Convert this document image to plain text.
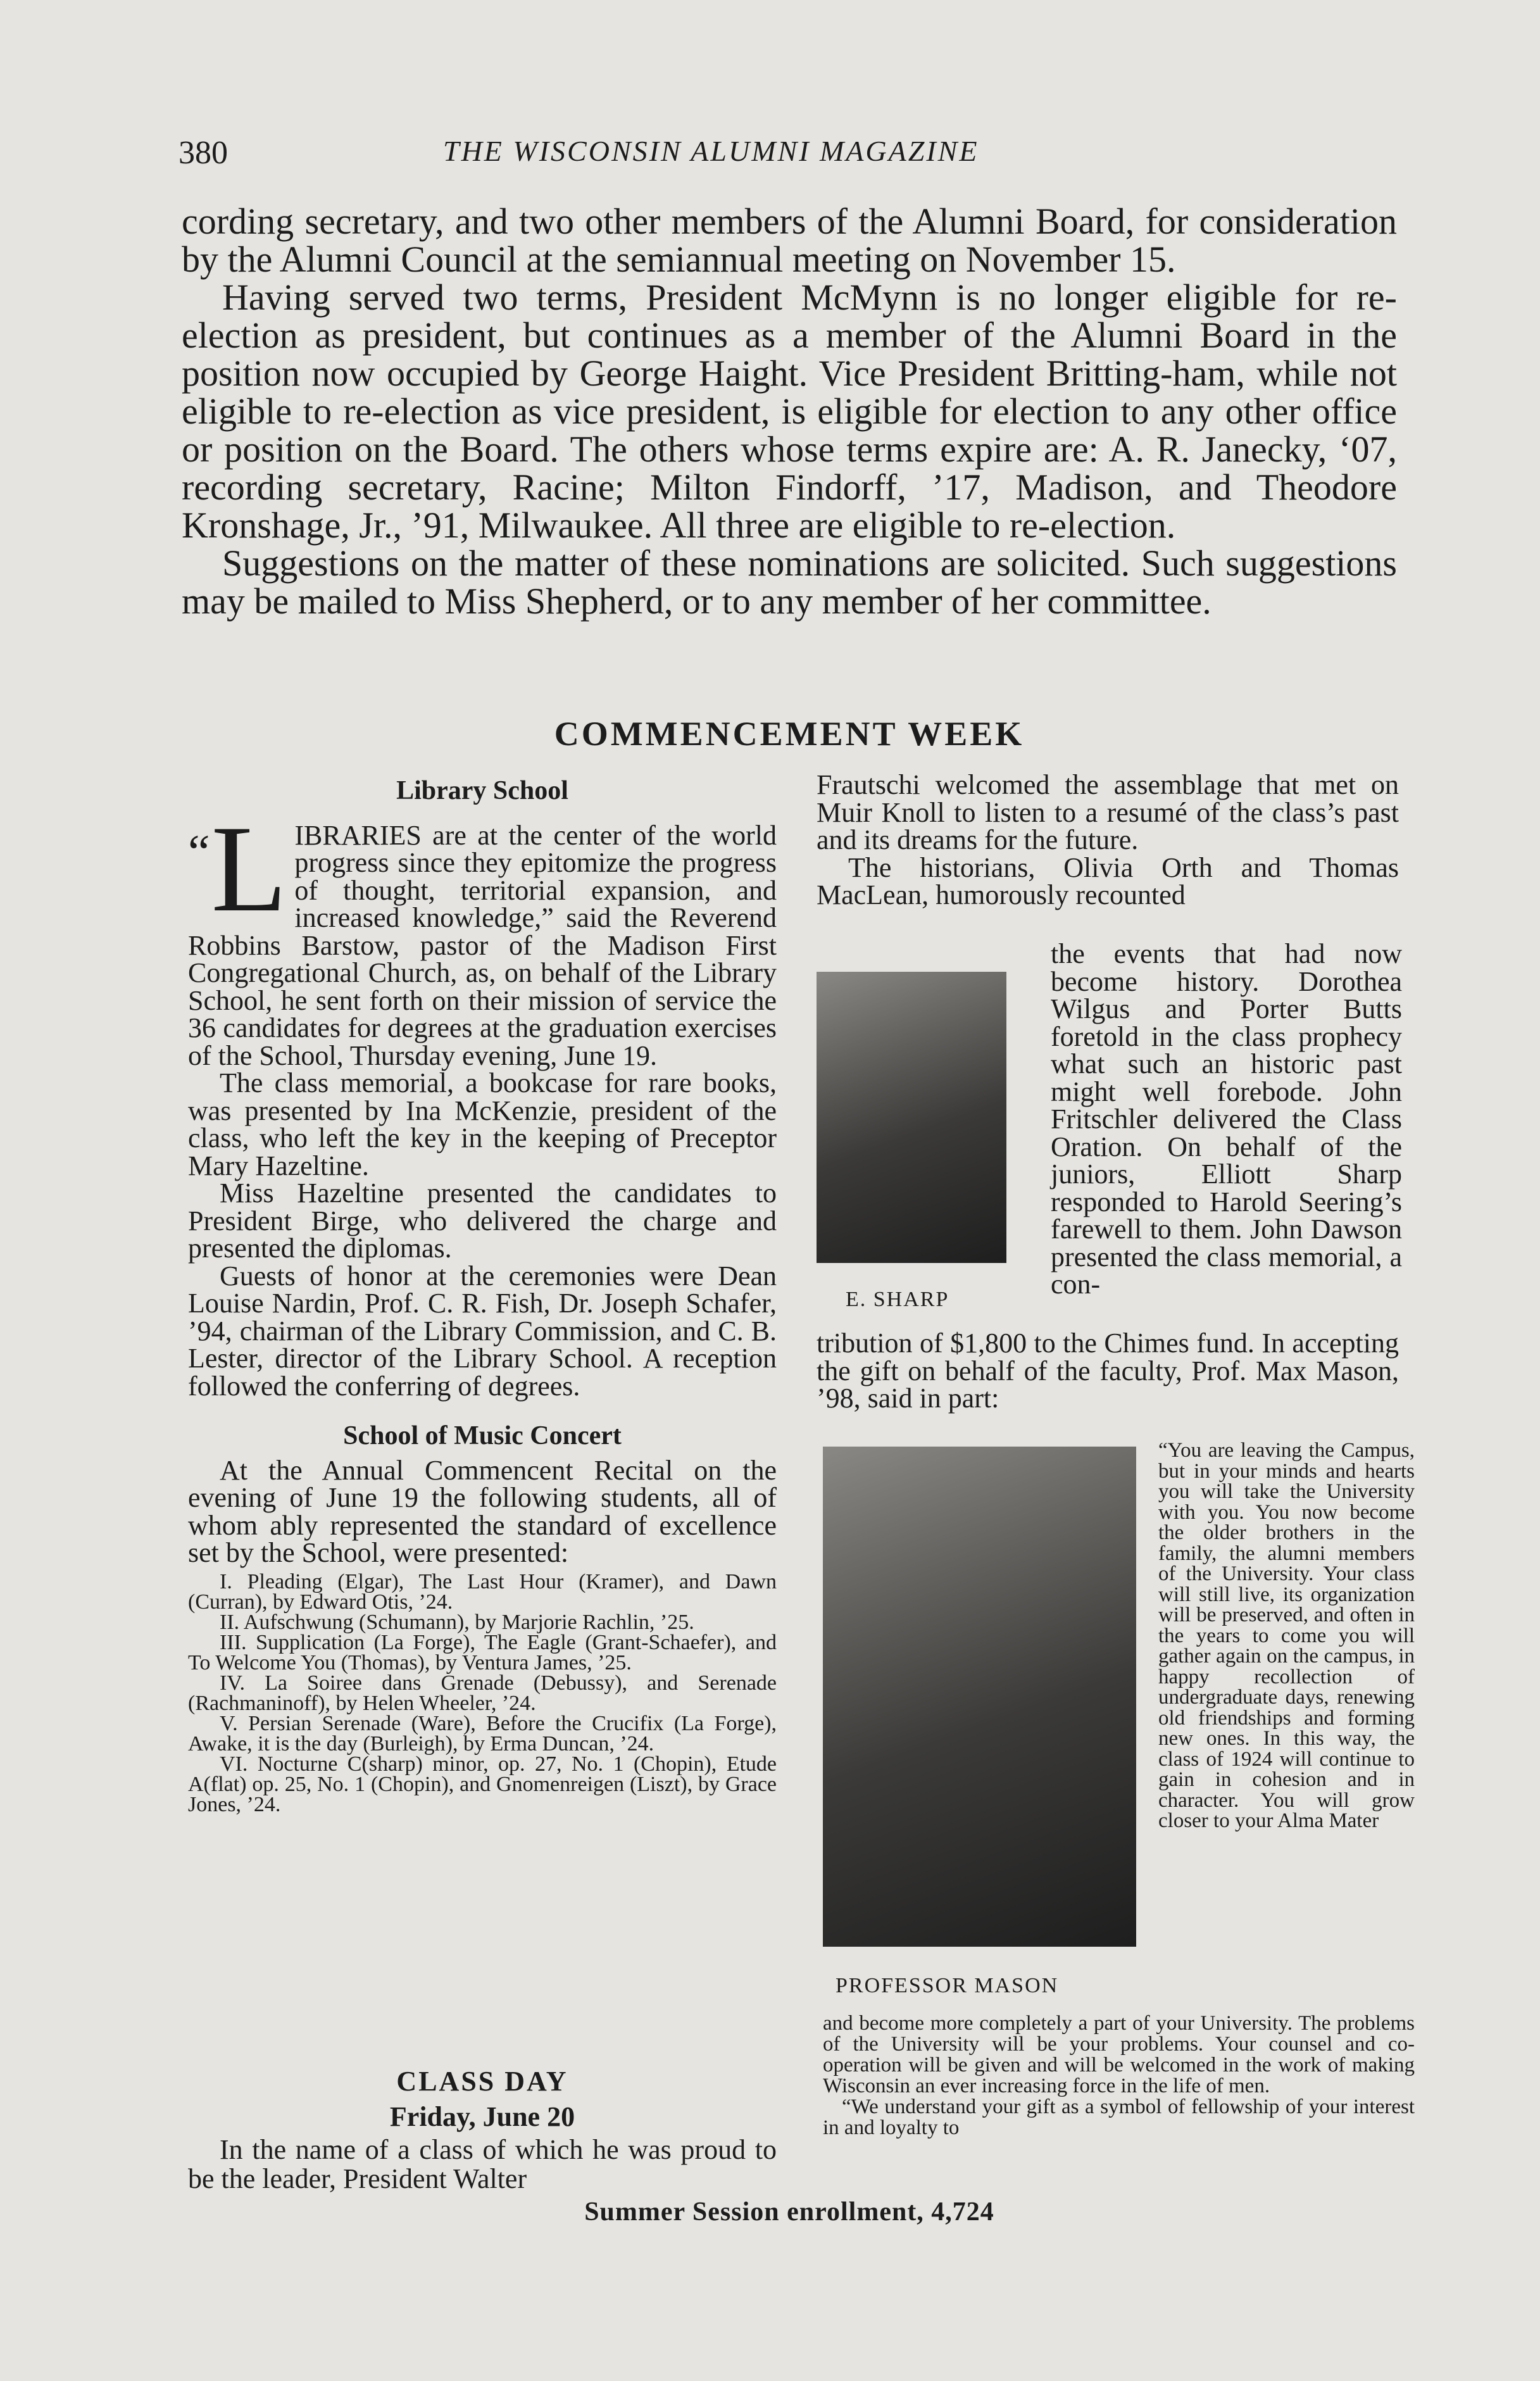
380	THE WISCONSIN ALUMNI MAGAZINE

cording secretary, and two other members of the Alumni Board, for consideration by the Alumni Council at the semiannual meeting on November 15.

Having served two terms, President McMynn is no longer eligible for re-election as president, but continues as a member of the Alumni Board in the position now occupied by George Haight. Vice President Britting-ham, while not eligible to re-election as vice president, is eligible for election to any other office or position on the Board. The others whose terms expire are: A. R. Janecky, ‘07, recording secretary, Racine; Milton Findorff, ’17, Madison, and Theodore Kronshage, Jr., ’91, Milwaukee. All three are eligible to re-election.

Suggestions on the matter of these nominations are solicited. Such suggestions may be mailed to Miss Shepherd, or to any member of her committee.

COMMENCEMENT WEEK

Library School

“ L IBRARIES are at the center of the world progress since they epitomize the progress of thought, territorial expansion, and increased knowledge,” said the Reverend Robbins Barstow, pastor of the Madison First Congregational Church, as, on behalf of the Library School, he sent forth on their mission of service the 36 candidates for degrees at the graduation exercises of the School, Thursday evening, June 19.

The class memorial, a bookcase for rare books, was presented by Ina McKenzie, president of the class, who left the key in the keeping of Preceptor Mary Hazeltine.

Miss Hazeltine presented the candidates to President Birge, who delivered the charge and presented the diplomas.

Guests of honor at the ceremonies were Dean Louise Nardin, Prof. C. R. Fish, Dr. Joseph Schafer, ’94, chairman of the Library Commission, and C. B. Lester, director of the Library School. A reception followed the conferring of degrees.

School of Music Concert

At the Annual Commencent Recital on the evening of June 19 the following students, all of whom ably represented the standard of excellence set by the School, were presented:

I. Pleading (Elgar), The Last Hour (Kramer), and Dawn (Curran), by Edward Otis, ’24.

II. Aufschwung (Schumann), by Marjorie Rachlin, ’25.

III. Supplication (La Forge), The Eagle (Grant-Schaefer), and To Welcome You (Thomas), by Ventura James, ’25.

IV. La Soiree dans Grenade (Debussy), and Serenade (Rachmaninoff), by Helen Wheeler, ’24.

V. Persian Serenade (Ware), Before the Crucifix (La Forge), Awake, it is the day (Burleigh), by Erma Duncan, ’24.

VI. Nocturne C(sharp) minor, op. 27, No. 1 (Chopin), Etude A(flat) op. 25, No. 1 (Chopin), and Gnomenreigen (Liszt), by Grace Jones, ’24.

CLASS DAY

Friday, June 20

In the name of a class of which he was proud to be the leader, President Walter

Frautschi welcomed the assemblage that met on Muir Knoll to listen to a resumé of the class’s past and its dreams for the future.

The historians, Olivia Orth and Thomas MacLean, humorously recounted

E. SHARP

the events that had now become history. Dorothea Wilgus and Porter Butts foretold in the class prophecy what such an historic past might well forebode. John Fritschler delivered the Class Oration. On behalf of the juniors, Elliott Sharp responded to Harold Seering’s farewell to them. John Dawson presented the class memorial, a con-

tribution of $1,800 to the Chimes fund. In accepting the gift on behalf of the faculty, Prof. Max Mason, ’98, said in part:

PROFESSOR MASON

“You are leaving the Campus, but in your minds and hearts you will take the University with you. You now become the older brothers in the family, the alumni members of the University. Your class will still live, its organization will be preserved, and often in the years to come you will gather again on the campus, in happy recollection of undergraduate days, renewing old friendships and forming new ones. In this way, the class of 1924 will continue to gain in cohesion and in character. You will grow closer to your Alma Mater

and become more completely a part of your University. The problems of the University will be your problems. Your counsel and co-operation will be given and will be welcomed in the work of making Wisconsin an ever increasing force in the life of men.

“We understand your gift as a symbol of fellowship of your interest in and loyalty to

Summer Session enrollment, 4,724
